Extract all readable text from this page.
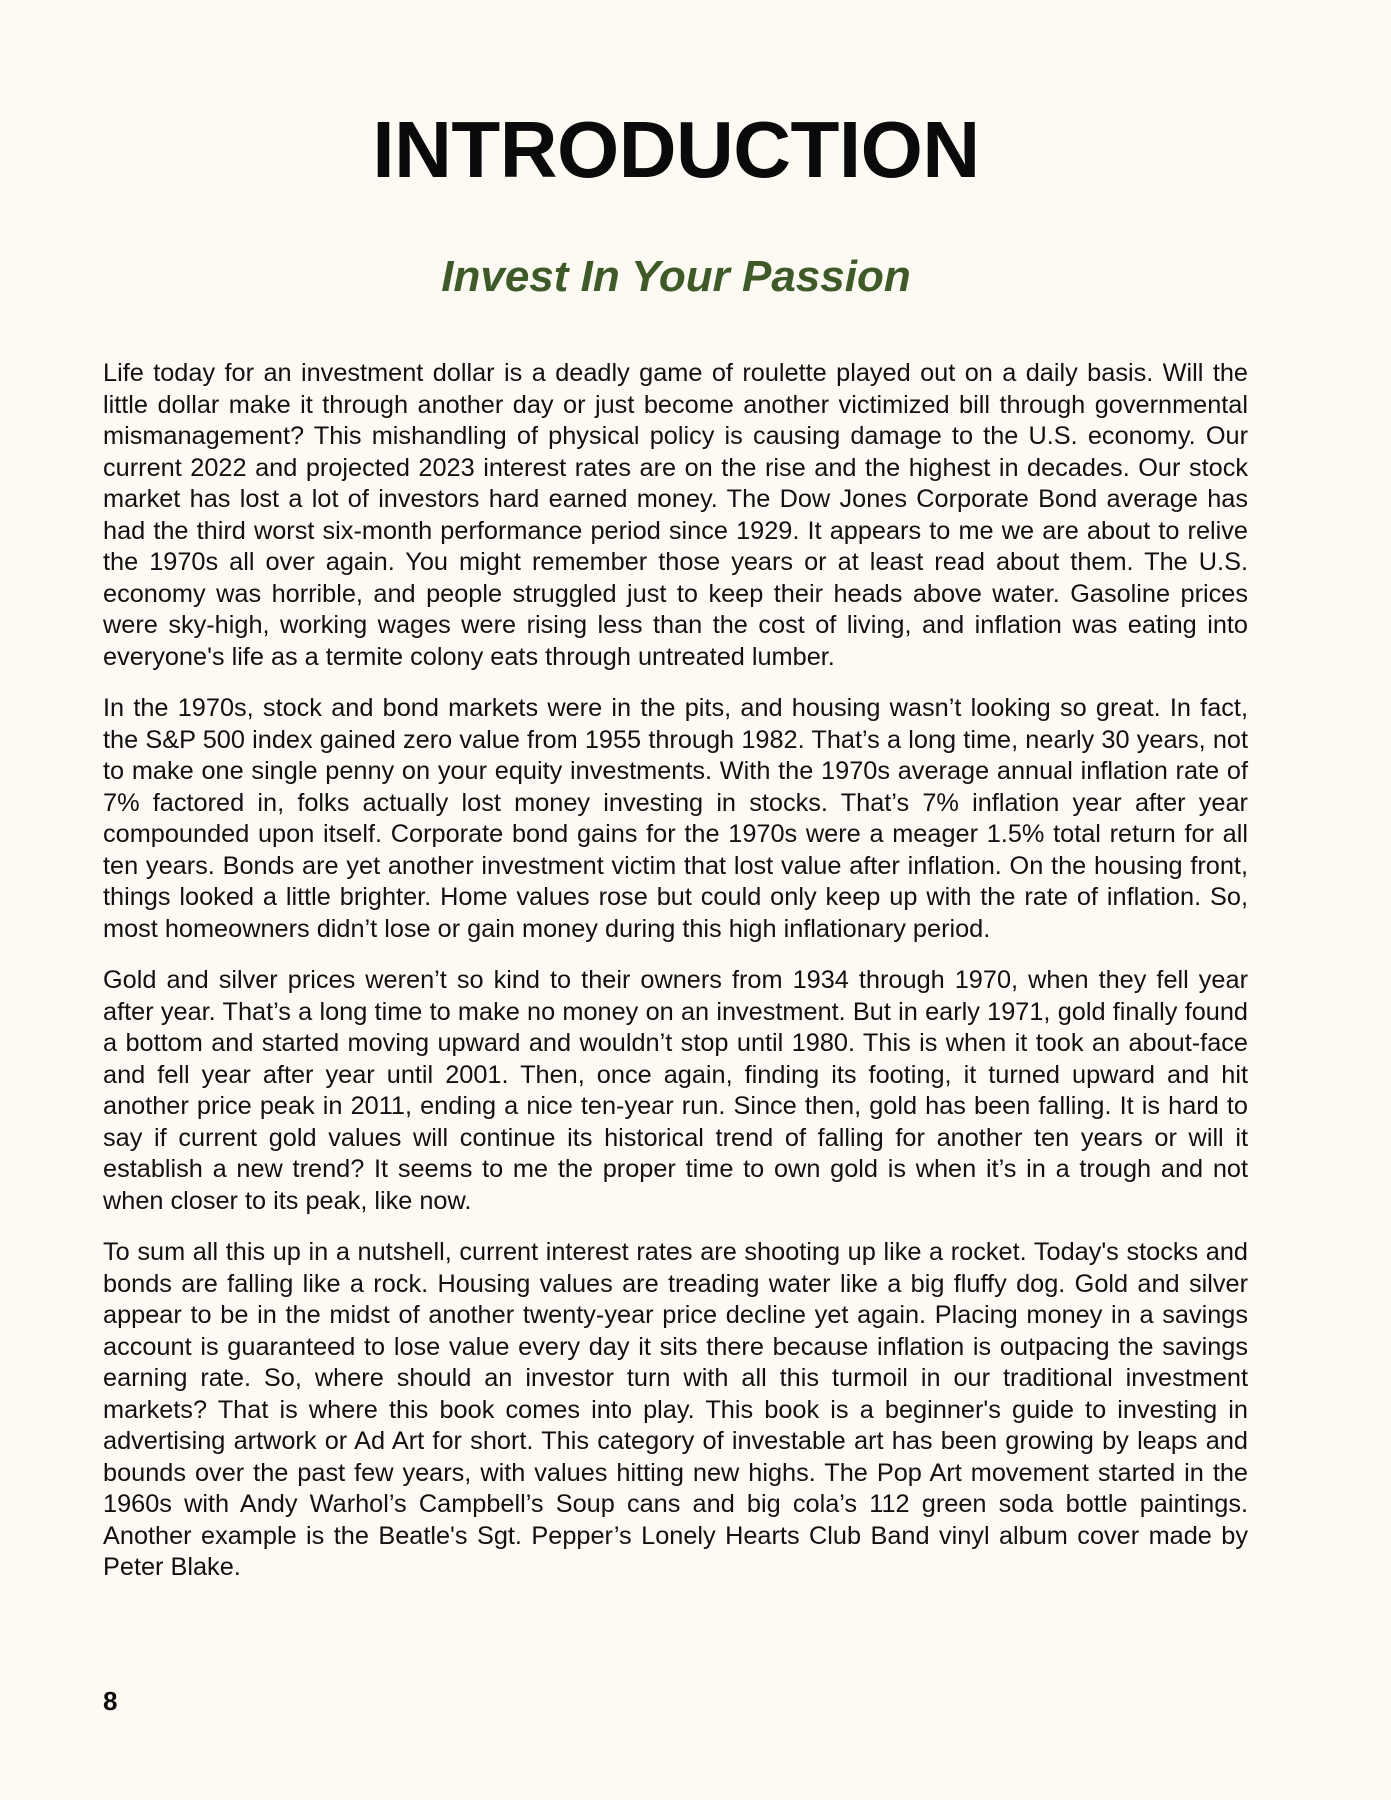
INTRODUCTION
Invest In Your Passion

Life today for an investment dollar is a deadly game of roulette played out on a daily basis. Will the little dollar make it through another day or just become another victimized bill through governmental mismanagement? This mishandling of physical policy is causing damage to the U.S. economy. Our current 2022 and projected 2023 interest rates are on the rise and the highest in decades. Our stock market has lost a lot of investors hard earned money. The Dow Jones Corporate Bond average has had the third worst six-month performance period since 1929. It appears to me we are about to relive the 1970s all over again. You might remember those years or at least read about them. The U.S. economy was horrible, and people struggled just to keep their heads above water. Gasoline prices were sky-high, working wages were rising less than the cost of living, and inflation was eating into everyone's life as a termite colony eats through untreated lumber.

In the 1970s, stock and bond markets were in the pits, and housing wasn’t looking so great. In fact, the S&P 500 index gained zero value from 1955 through 1982. That’s a long time, nearly 30 years, not to make one single penny on your equity investments. With the 1970s average annual inflation rate of 7% factored in, folks actually lost money investing in stocks. That’s 7% inflation year after year compounded upon itself. Corporate bond gains for the 1970s were a meager 1.5% total return for all ten years. Bonds are yet another investment victim that lost value after inflation. On the housing front, things looked a little brighter. Home values rose but could only keep up with the rate of inflation. So, most homeowners didn’t lose or gain money during this high inflationary period.

Gold and silver prices weren’t so kind to their owners from 1934 through 1970, when they fell year after year. That’s a long time to make no money on an investment. But in early 1971, gold finally found a bottom and started moving upward and wouldn’t stop until 1980. This is when it took an about-face and fell year after year until 2001. Then, once again, finding its footing, it turned upward and hit another price peak in 2011, ending a nice ten-year run. Since then, gold has been falling. It is hard to say if current gold values will continue its historical trend of falling for another ten years or will it establish a new trend? It seems to me the proper time to own gold is when it’s in a trough and not when closer to its peak, like now.

To sum all this up in a nutshell, current interest rates are shooting up like a rocket. Today's stocks and bonds are falling like a rock. Housing values are treading water like a big fluffy dog. Gold and silver appear to be in the midst of another twenty-year price decline yet again. Placing money in a savings account is guaranteed to lose value every day it sits there because inflation is outpacing the savings earning rate. So, where should an investor turn with all this turmoil in our traditional investment markets? That is where this book comes into play. This book is a beginner's guide to investing in advertising artwork or Ad Art for short. This category of investable art has been growing by leaps and bounds over the past few years, with values hitting new highs. The Pop Art movement started in the 1960s with Andy Warhol’s Campbell’s Soup cans and big cola’s 112 green soda bottle paintings. Another example is the Beatle's Sgt. Pepper’s Lonely Hearts Club Band vinyl album cover made by Peter Blake.

8
